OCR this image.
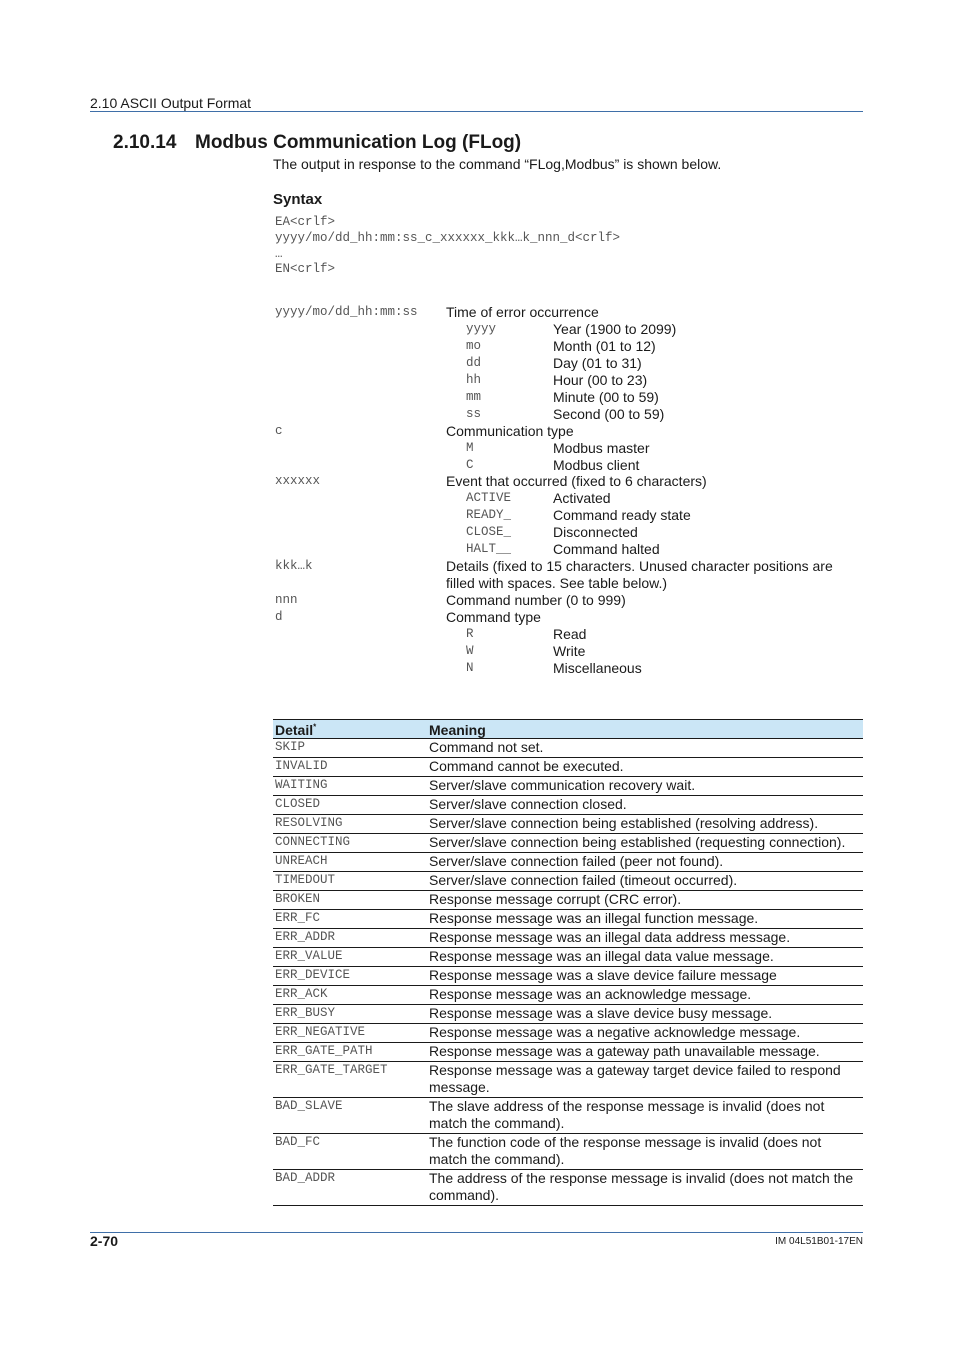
2.10 ASCII Output Format
2.10.14 Modbus Communication Log (FLog)
The output in response to the command “FLog,Modbus” is shown below.
Syntax
EA<crlf>
yyyy/mo/dd_hh:mm:ss_c_xxxxxx_kkk…k_nnn_d<crlf>
…
EN<crlf>
yyyy/mo/dd_hh:mm:ss Time of error occurrence
yyyy	Year (1900 to 2099)
mo	Month (01 to 12)
dd	Day (01 to 31)
hh	Hour (00 to 23)
mm	Minute (00 to 59)
ss	Second (00 to 59)
c	Communication type
M	Modbus master
C	Modbus client
xxxxxx	Event that occurred (fixed to 6 characters)
ACTIVE	Activated
READY_	Command ready state
CLOSE_	Disconnected
HALT__	Command halted
kkk…k	Details (fixed to 15 characters. Unused character positions are filled with spaces. See table below.)
nnn	Command number (0 to 999)
d	Command type
R	Read
W	Write
N	Miscellaneous
Detail*	Meaning
SKIP	Command not set.
INVALID	Command cannot be executed.
WAITING	Server/slave communication recovery wait.
CLOSED	Server/slave connection closed.
RESOLVING	Server/slave connection being established (resolving address).
CONNECTING	Server/slave connection being established (requesting connection).
UNREACH	Server/slave connection failed (peer not found).
TIMEDOUT	Server/slave connection failed (timeout occurred).
BROKEN	Response message corrupt (CRC error).
ERR_FC	Response message was an illegal function message.
ERR_ADDR	Response message was an illegal data address message.
ERR_VALUE	Response message was an illegal data value message.
ERR_DEVICE	Response message was a slave device failure message
ERR_ACK	Response message was an acknowledge message.
ERR_BUSY	Response message was a slave device busy message.
ERR_NEGATIVE	Response message was a negative acknowledge message.
ERR_GATE_PATH	Response message was a gateway path unavailable message.
ERR_GATE_TARGET	Response message was a gateway target device failed to respond message.
BAD_SLAVE	The slave address of the response message is invalid (does not match the command).
BAD_FC	The function code of the response message is invalid (does not match the command).
BAD_ADDR	The address of the response message is invalid (does not match the command).
2-70	IM 04L51B01-17EN
